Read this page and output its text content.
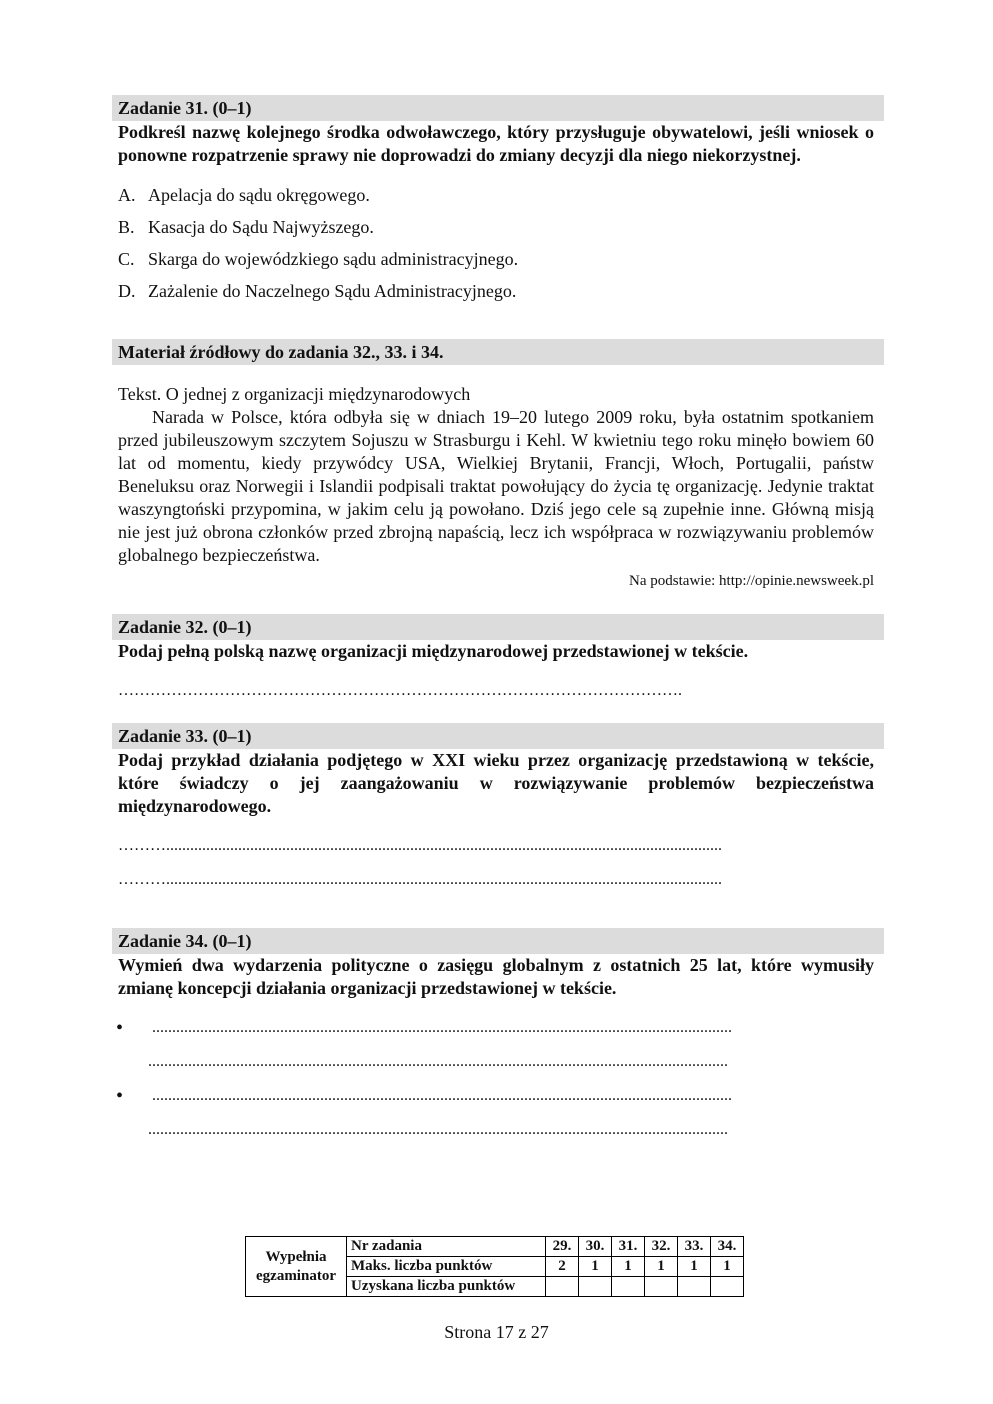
Zadanie 31. (0–1)
Podkreśl nazwę kolejnego środka odwoławczego, który przysługuje obywatelowi, jeśli wniosek o ponowne rozpatrzenie sprawy nie doprowadzi do zmiany decyzji dla niego niekorzystnej.
A. Apelacja do sądu okręgowego.
B. Kasacja do Sądu Najwyższego.
C. Skarga do wojewódzkiego sądu administracyjnego.
D. Zażalenie do Naczelnego Sądu Administracyjnego.
Materiał źródłowy do zadania 32., 33. i 34.
Tekst. O jednej z organizacji międzynarodowych
Narada w Polsce, która odbyła się w dniach 19–20 lutego 2009 roku, była ostatnim spotkaniem przed jubileuszowym szczytem Sojuszu w Strasburgu i Kehl. W kwietniu tego roku minęło bowiem 60 lat od momentu, kiedy przywódcy USA, Wielkiej Brytanii, Francji, Włoch, Portugalii, państw Beneluksu oraz Norwegii i Islandii podpisali traktat powołujący do życia tę organizację. Jedynie traktat waszyngtoński przypomina, w jakim celu ją powołano. Dziś jego cele są zupełnie inne. Główną misją nie jest już obrona członków przed zbrojną napaścią, lecz ich współpraca w rozwiązywaniu problemów globalnego bezpieczeństwa.
Na podstawie: http://opinie.newsweek.pl
Zadanie 32. (0–1)
Podaj pełną polską nazwę organizacji międzynarodowej przedstawionej w tekście.
…………………………………………………………………………………………….
Zadanie 33. (0–1)
Podaj przykład działania podjętego w XXI wieku przez organizację przedstawioną w tekście, które świadczy o jej zaangażowaniu w rozwiązywanie problemów bezpieczeństwa międzynarodowego.
………...........................................................................................................................................
………...........................................................................................................................................
Zadanie 34. (0–1)
Wymień dwa wydarzenia polityczne o zasięgu globalnym z ostatnich 25 lat, które wymusiły zmianę koncepcji działania organizacji przedstawionej w tekście.
•	.................................................................................................................................................
.................................................................................................................................................
•	.................................................................................................................................................
.................................................................................................................................................
Wypełnia
egzaminator	Nr zadania	29.	30.	31.	32.	33.	34.
	Maks. liczba punktów	2	1	1	1	1	1
	Uzyskana liczba punktów						
Strona 17 z 27
